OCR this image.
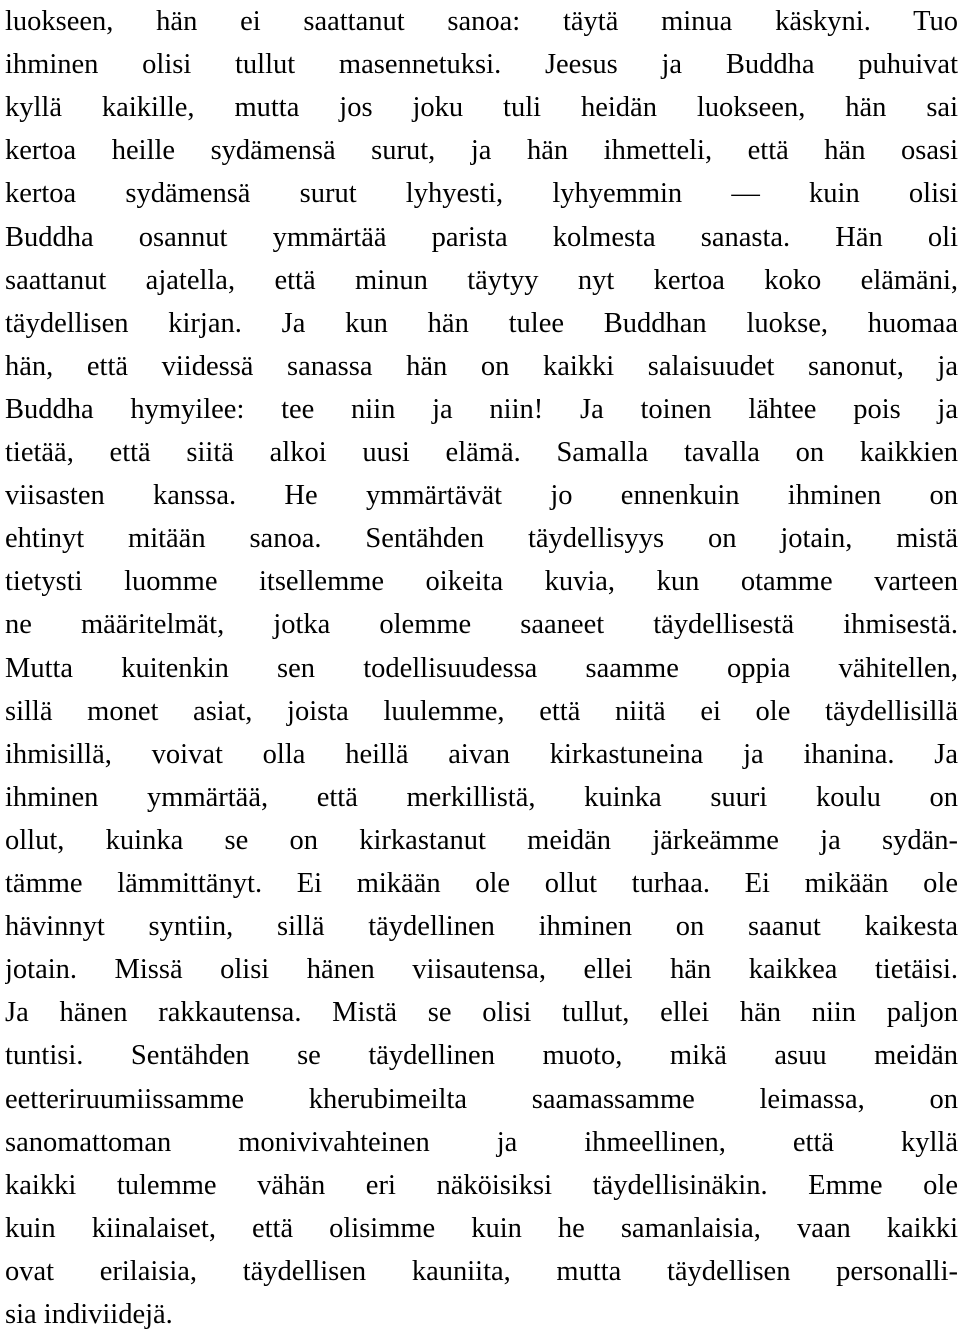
luokseen, hän ei saattanut sanoa: täytä minua käskyni. Tuo

ihminen olisi tullut masennetuksi. Jeesus ja Buddha puhuivat

kyllä kaikille, mutta jos joku tuli heidän luokseen, hän sai

kertoa heille sydämensä surut, ja hän ihmetteli, että hän osasi

kertoa sydämensä surut lyhyesti, lyhyemmin — kuin olisi

Buddha osannut ymmärtää parista kolmesta sanasta. Hän oli

saattanut ajatella, että minun täytyy nyt kertoa koko elämäni,

täydellisen kirjan. Ja kun hän tulee Buddhan luokse, huomaa

hän, että viidessä sanassa hän on kaikki salaisuudet sanonut, ja

Buddha hymyilee: tee niin ja niin! Ja toinen lähtee pois ja

tietää, että siitä alkoi uusi elämä. Samalla tavalla on kaikkien

viisasten kanssa. He ymmärtävät jo ennenkuin ihminen on

ehtinyt mitään sanoa. Sentähden täydellisyys on jotain, mistä

tietysti luomme itsellemme oikeita kuvia, kun otamme varteen

ne määritelmät, jotka olemme saaneet täydellisestä ihmisestä.

Mutta kuitenkin sen todellisuudessa saamme oppia vähitellen,

sillä monet asiat, joista luulemme, että niitä ei ole täydellisillä

ihmisillä, voivat olla heillä aivan kirkastuneina ja ihanina. Ja

ihminen ymmärtää, että merkillistä, kuinka suuri koulu on

ollut, kuinka se on kirkastanut meidän järkeämme ja sydän-

tämme lämmittänyt. Ei mikään ole ollut turhaa. Ei mikään ole

hävinnyt syntiin, sillä täydellinen ihminen on saanut kaikesta

jotain. Missä olisi hänen viisautensa, ellei hän kaikkea tietäisi.

Ja hänen rakkautensa. Mistä se olisi tullut, ellei hän niin paljon

tuntisi. Sentähden se täydellinen muoto, mikä asuu meidän

eetteriruumiissamme kherubimeilta saamassamme leimassa, on

sanomattoman monivivahteinen ja ihmeellinen, että kyllä

kaikki tulemme vähän eri näköisiksi täydellisinäkin. Emme ole

kuin kiinalaiset, että olisimme kuin he samanlaisia, vaan kaikki

ovat erilaisia, täydellisen kauniita, mutta täydellisen personalli-

sia indiviidejä.
